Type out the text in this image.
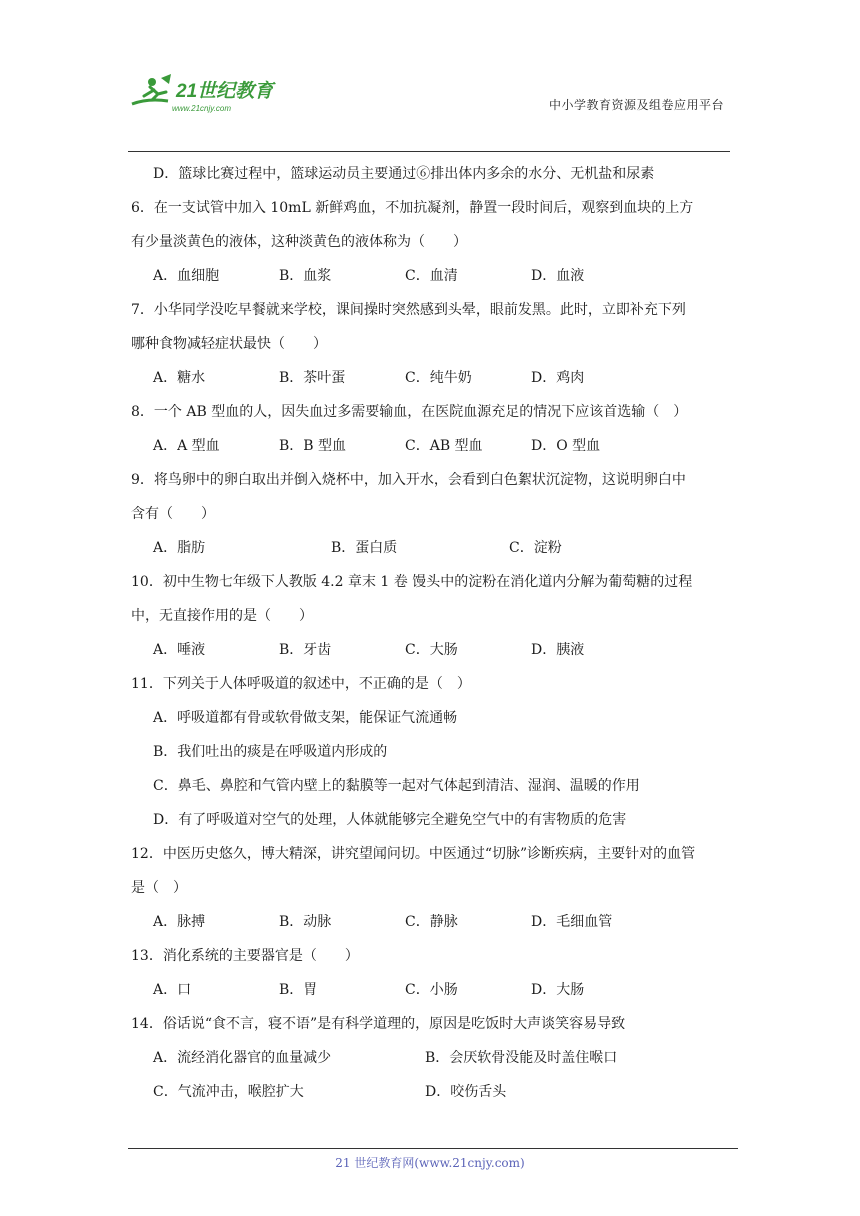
21世纪教育
www.21cnjy.com	中小学教育资源及组卷应用平台
D．篮球比赛过程中，篮球运动员主要通过⑥排出体内多余的水分、无机盐和尿素
6．在一支试管中加入 10mL 新鲜鸡血，不加抗凝剂，静置一段时间后，观察到血块的上方
有少量淡黄色的液体，这种淡黄色的液体称为（　　）
A．血细胞	B．血浆	C．血清	D．血液
7．小华同学没吃早餐就来学校，课间操时突然感到头晕，眼前发黑。此时，立即补充下列
哪种食物减轻症状最快（　　）
A．糖水	B．茶叶蛋	C．纯牛奶	D．鸡肉
8．一个 AB 型血的人，因失血过多需要输血，在医院血源充足的情况下应该首选输（　）
A．A 型血	B．B 型血	C．AB 型血	D．O 型血
9．将鸟卵中的卵白取出并倒入烧杯中，加入开水，会看到白色絮状沉淀物，这说明卵白中
含有（　　）
A．脂肪	B．蛋白质	C．淀粉
10．初中生物七年级下人教版 4.2 章末 1 卷 馒头中的淀粉在消化道内分解为葡萄糖的过程
中，无直接作用的是（　　）
A．唾液	B．牙齿	C．大肠	D．胰液
11．下列关于人体呼吸道的叙述中，不正确的是（　）
A．呼吸道都有骨或软骨做支架，能保证气流通畅
B．我们吐出的痰是在呼吸道内形成的
C．鼻毛、鼻腔和气管内壁上的黏膜等一起对气体起到清洁、湿润、温暖的作用
D．有了呼吸道对空气的处理，人体就能够完全避免空气中的有害物质的危害
12．中医历史悠久，博大精深，讲究望闻问切。中医通过“切脉”诊断疾病，主要针对的血管
是（　）
A．脉搏	B．动脉	C．静脉	D．毛细血管
13．消化系统的主要器官是（　　）
A．口	B．胃	C．小肠	D．大肠
14．俗话说“食不言，寝不语”是有科学道理的，原因是吃饭时大声谈笑容易导致
A．流经消化器官的血量减少	B．会厌软骨没能及时盖住喉口
C．气流冲击，喉腔扩大	D．咬伤舌头
21 世纪教育网(www.21cnjy.com)
